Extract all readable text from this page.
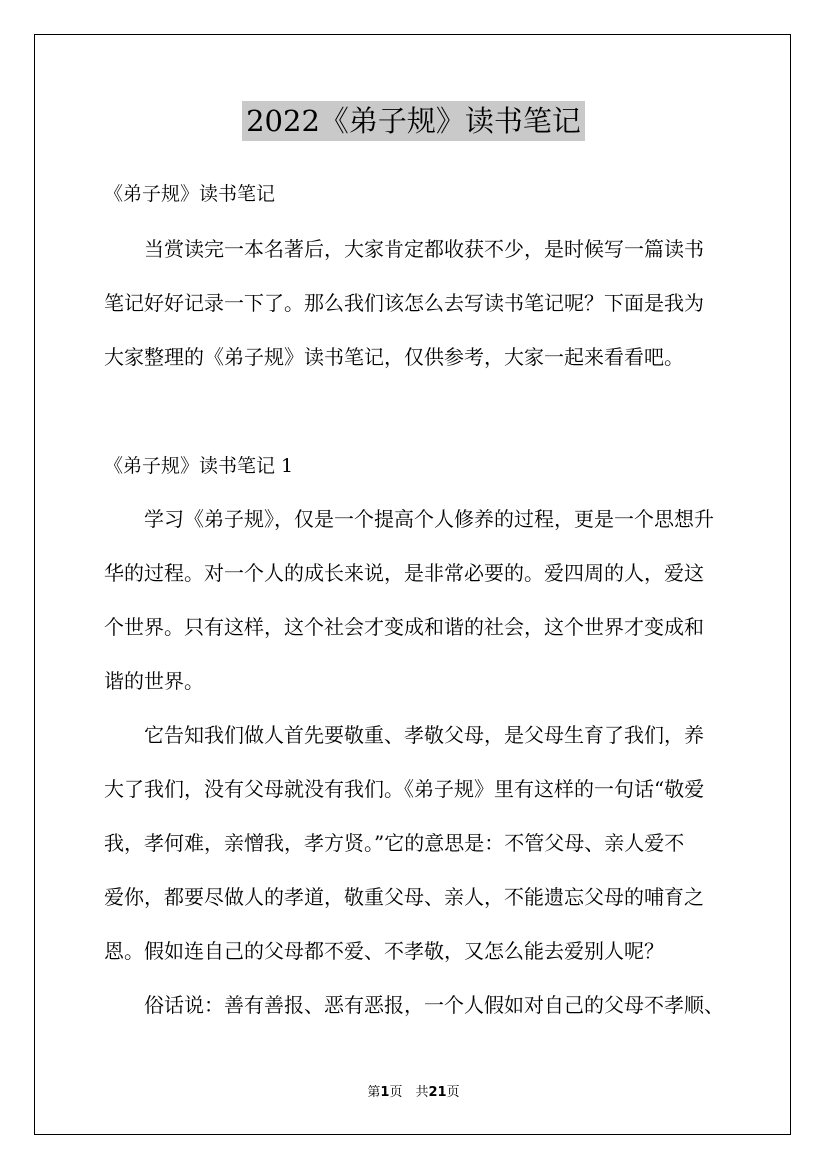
2022《弟子规》读书笔记
《弟子规》读书笔记
当赏读完一本名著后，大家肯定都收获不少，是时候写一篇读书
笔记好好记录一下了。那么我们该怎么去写读书笔记呢？下面是我为
大家整理的《弟子规》读书笔记，仅供参考，大家一起来看看吧。
《弟子规》读书笔记 1
学习《弟子规》，仅是一个提高个人修养的过程，更是一个思想升
华的过程。对一个人的成长来说，是非常必要的。爱四周的人，爱这
个世界。只有这样，这个社会才变成和谐的社会，这个世界才变成和
谐的世界。
它告知我们做人首先要敬重、孝敬父母，是父母生育了我们，养
大了我们，没有父母就没有我们。《弟子规》里有这样的一句话“敬爱
我，孝何难，亲憎我，孝方贤。”它的意思是：不管父母、亲人爱不
爱你，都要尽做人的孝道，敬重父母、亲人，不能遗忘父母的哺育之
恩。假如连自己的父母都不爱、不孝敬，又怎么能去爱别人呢？
俗话说：善有善报、恶有恶报，一个人假如对自己的父母不孝顺、
第1页　共21页
